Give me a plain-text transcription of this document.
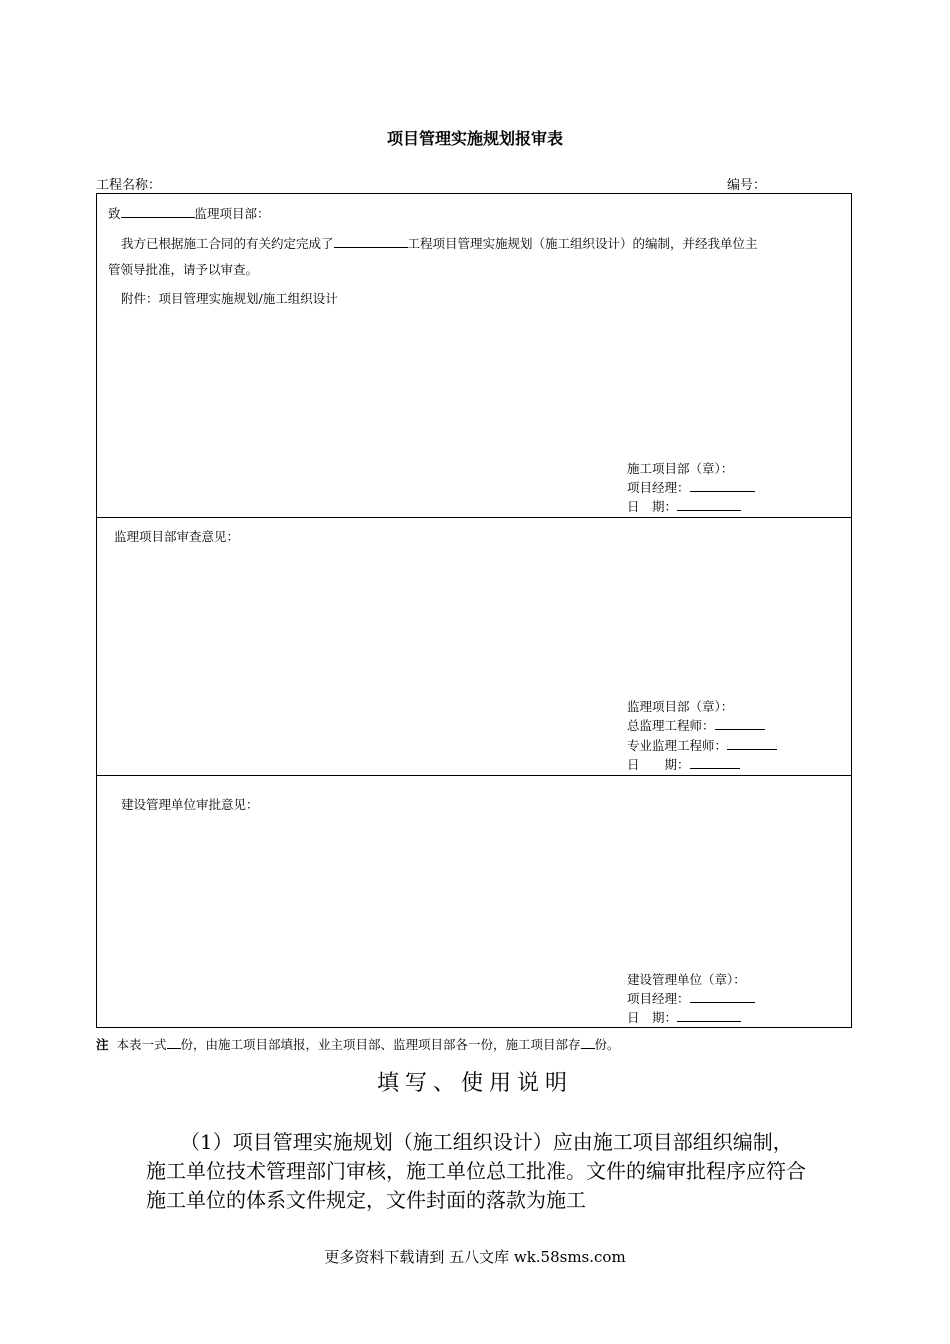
项目管理实施规划报审表
工程名称：	编号：
致	监理项目部：
我方已根据施工合同的有关约定完成了	工程项目管理实施规划（施工组织设计）的编制，并经我单位主
管领导批准，请予以审查。
附件：项目管理实施规划/施工组织设计
施工项目部（章）：
项目经理：
日　期：
监理项目部审查意见：
监理项目部（章）：
总监理工程师：
专业监理工程师：
日　　期：
建设管理单位审批意见：
建设管理单位（章）：
项目经理：
日　期：
注 本表一式 份，由施工项目部填报，业主项目部、监理项目部各一份，施工项目部存 份。
填写、使用说明
（1）项目管理实施规划（施工组织设计）应由施工项目部组织编制，施工单位技术管理部门审核，施工单位总工批准。文件的编审批程序应符合施工单位的体系文件规定，文件封面的落款为施工
更多资料下载请到 五八文库 wk.58sms.com
